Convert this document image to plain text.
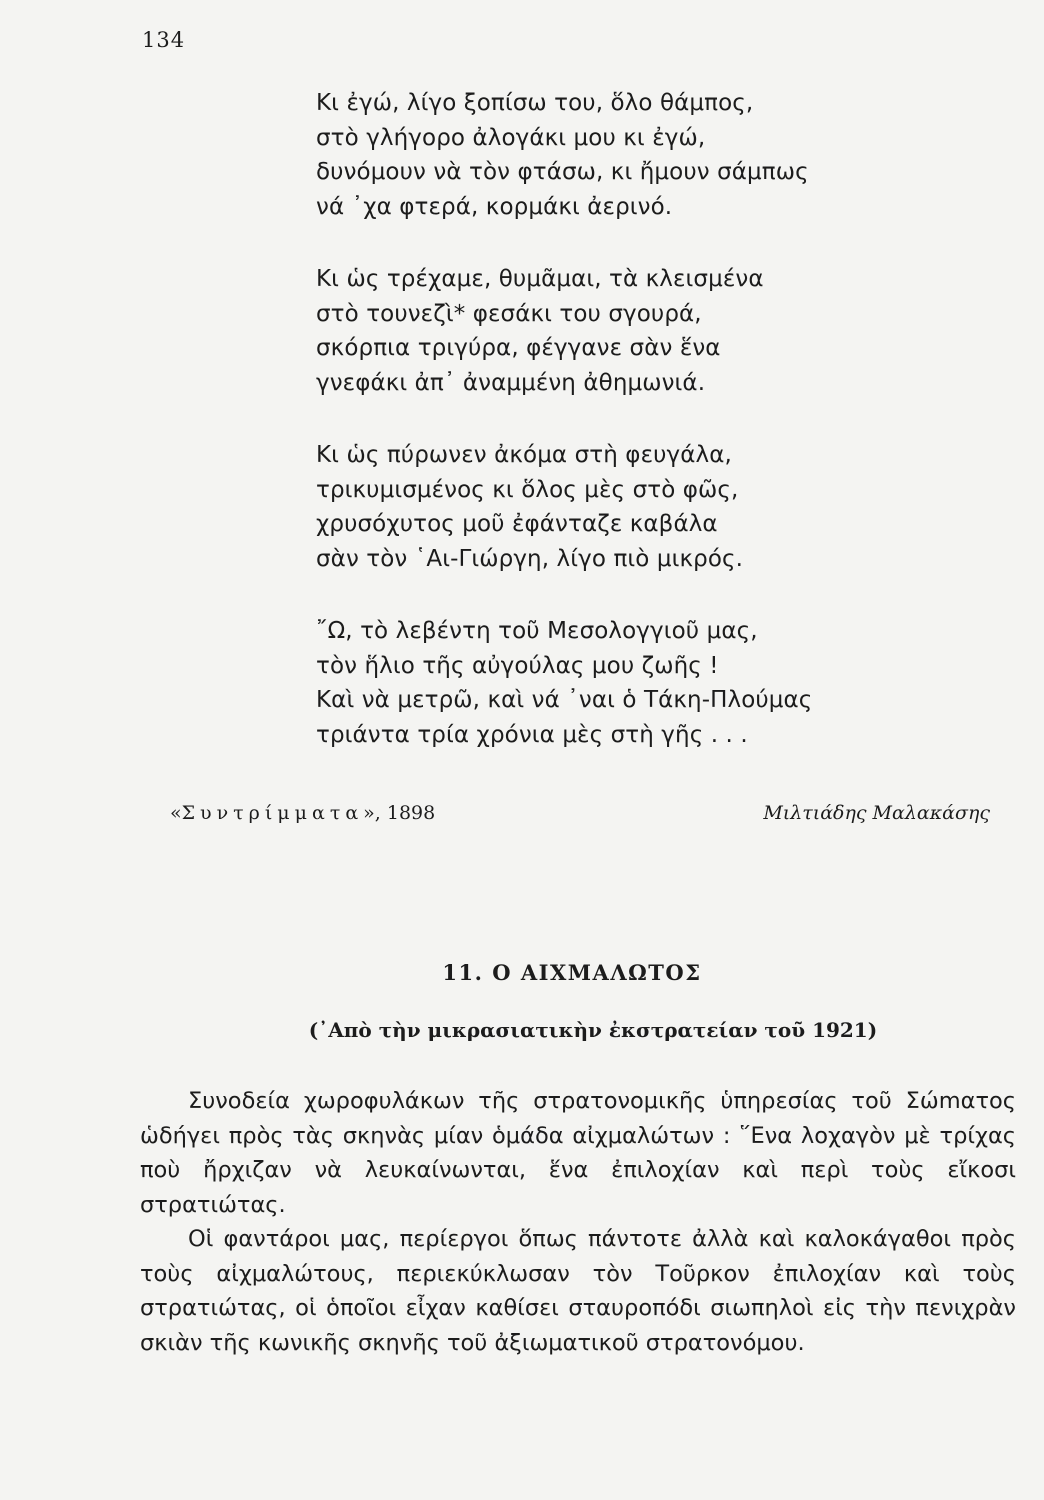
134
Κι ἐγώ, λίγο ξοπίσω του, ὅλο θάμπος,
στὸ γλήγορο ἀλογάκι μου κι ἐγώ,
δυνόμουν νὰ τὸν φτάσω, κι ἤμουν σάμπως
νά ᾿χα φτερά, κορμάκι ἀερινό.
Κι ὡς τρέχαμε, θυμᾶμαι, τὰ κλεισμένα
στὸ τουνεζὶ* φεσάκι του σγουρά,
σκόρπια τριγύρα, φέγγανε σὰν ἕνα
γνεφάκι ἀπ᾿ ἀναμμένη ἀθημωνιά.
Κι ὡς πύρωνεν ἀκόμα στὴ φευγάλα,
τρικυμισμένος κι ὅλος μὲς στὸ φῶς,
χρυσόχυτος μοῦ ἐφάνταζε καβάλα
σὰν τὸν ῾Αι-Γιώργη, λίγο πιὸ μικρός.
῎Ω, τὸ λεβέντη τοῦ Μεσολογγιοῦ μας,
τὸν ἥλιο τῆς αὐγούλας μου ζωῆς !
Καὶ νὰ μετρῶ, καὶ νά ᾿ναι ὁ Τάκη-Πλούμας
τριάντα τρία χρόνια μὲς στὴ γῆς . . .
«Συντρίμματα», 1898	Μιλτιάδης Μαλακάσης
11. Ο ΑΙΧΜΑΛΩΤΟΣ
(᾿Απὸ τὴν μικρασιατικὴν ἐκστρατείαν τοῦ 1921)

Συνοδεία χωροφυλάκων τῆς στρατονομικῆς ὑπηρεσίας τοῦ Σώmατος ὡδήγει πρὸς τὰς σκηνὰς μίαν ὁμάδα αἰχμαλώτων : ῞Ενα λοχαγὸν μὲ τρίχας ποὺ ἤρχιζαν νὰ λευκαίνωνται, ἕνα ἐπιλοχίαν καὶ περὶ τοὺς εἴκοσι στρατιώτας.

Οἱ φαντάροι μας, περίεργοι ὅπως πάντοτε ἀλλὰ καὶ καλοκάγαθοι πρὸς τοὺς αἰχμαλώτους, περιεκύκλωσαν τὸν Τοῦρκον ἐπιλοχίαν καὶ τοὺς στρατιώτας, οἱ ὁποῖοι εἶχαν καθίσει σταυροπόδι σιωπηλοὶ εἰς τὴν πενιχρὰν σκιὰν τῆς κωνικῆς σκηνῆς τοῦ ἀξιωματικοῦ στρατονόμου.
